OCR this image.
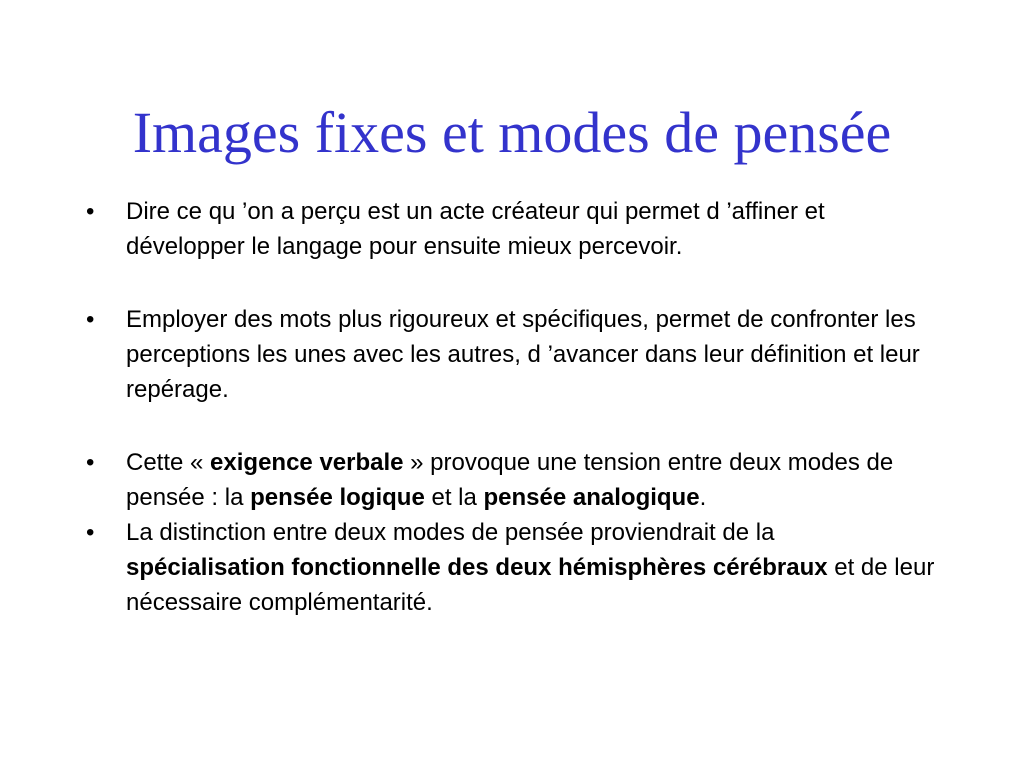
Images fixes et modes de pensée
•	Dire ce qu ’on a perçu est un acte créateur qui permet d ’affiner et développer le langage pour ensuite mieux percevoir.
•	Employer des mots plus rigoureux et spécifiques, permet de confronter les perceptions les unes avec les autres, d ’avancer dans leur définition et leur repérage.
•	Cette « exigence verbale » provoque une tension entre deux modes de pensée : la pensée logique et la pensée analogique.
•	La distinction entre deux modes de pensée proviendrait de la spécialisation fonctionnelle des deux hémisphères cérébraux et de leur nécessaire complémentarité.
